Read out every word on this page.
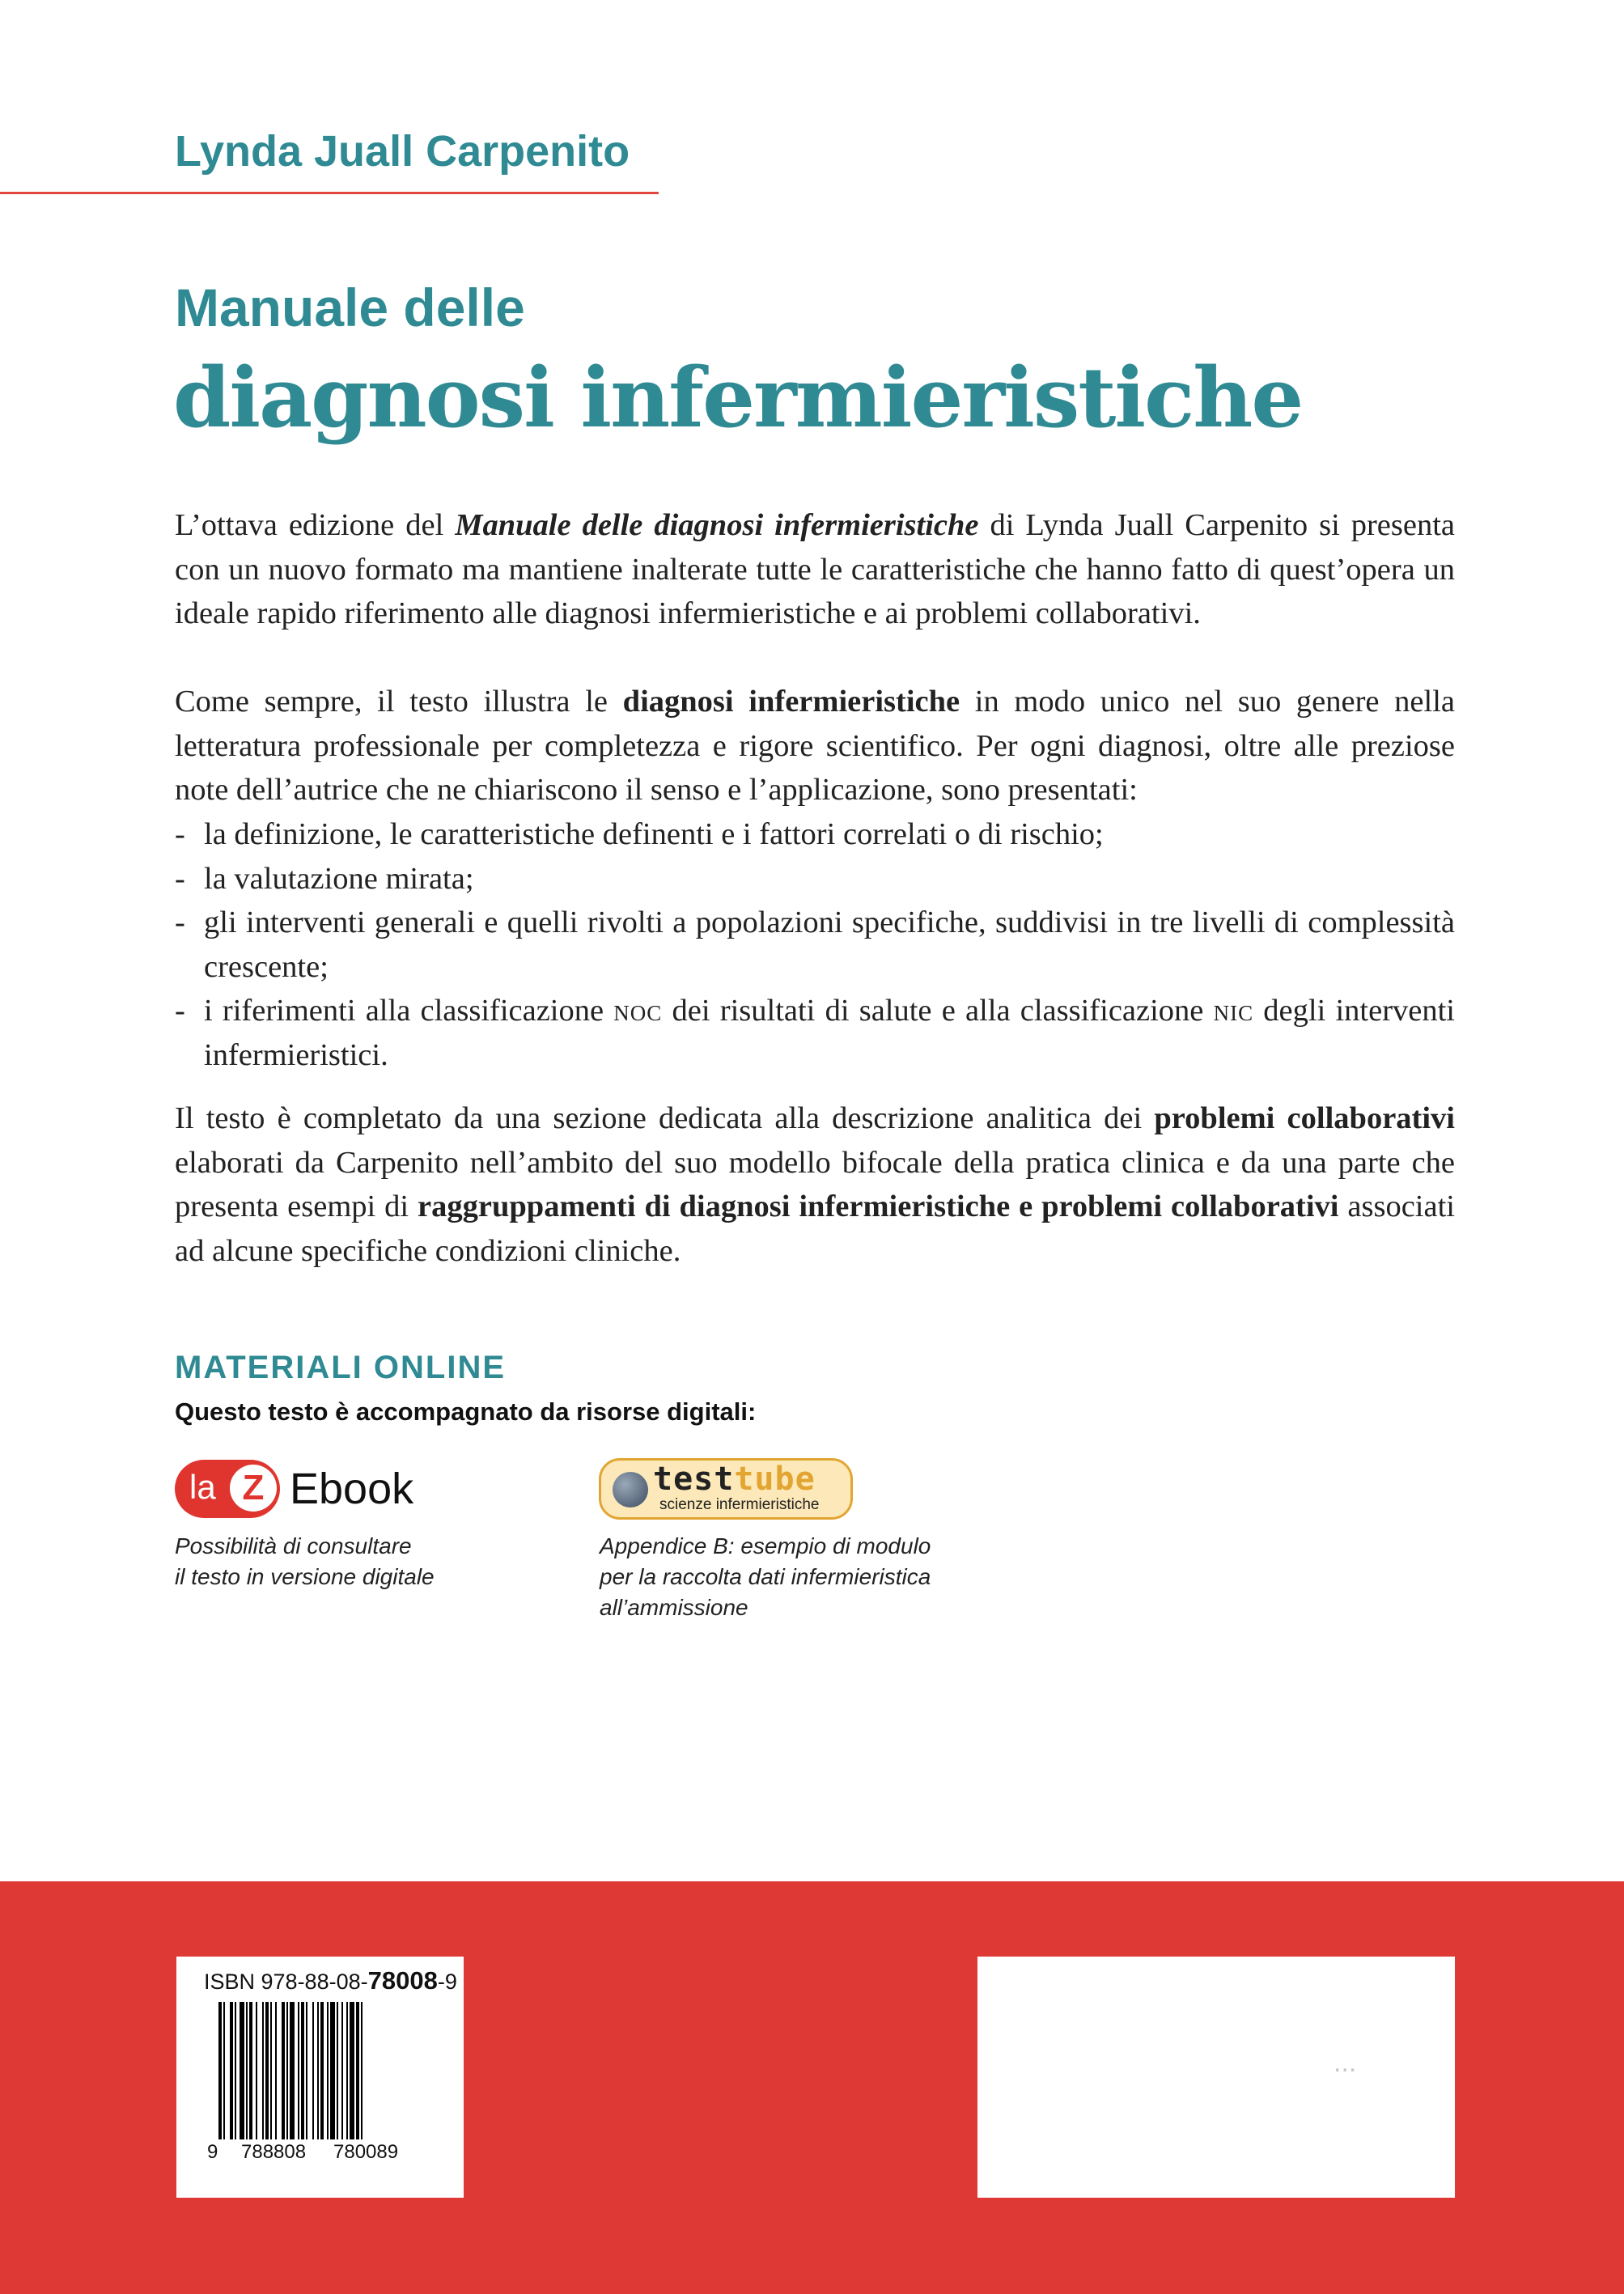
Lynda Juall Carpenito
Manuale delle
diagnosi infermieristiche

L’ottava edizione del Manuale delle diagnosi infermieristiche di Lynda Juall Carpenito si presenta con un nuovo formato ma mantiene inalterate tutte le caratteristiche che hanno fatto di quest’opera un ideale rapido riferimento alle diagnosi infermieristiche e ai problemi collaborativi.

Come sempre, il testo illustra le diagnosi infermieristiche in modo unico nel suo genere nella letteratura professionale per completezza e rigore scientifico. Per ogni diagnosi, oltre alle preziose note dell’autrice che ne chiariscono il senso e l’applicazione, sono presentati:

- la definizione, le caratteristiche definenti e i fattori correlati o di rischio;
- la valutazione mirata;
- gli interventi generali e quelli rivolti a popolazioni specifiche, suddivisi in tre livelli di complessità crescente;
- i riferimenti alla classificazione noc dei risultati di salute e alla classificazione nic degli interventi infermieristici.

Il testo è completato da una sezione dedicata alla descrizione analitica dei problemi collaborativi elaborati da Carpenito nell’ambito del suo modello bifocale della pratica clinica e da una parte che presenta esempi di raggruppamenti di diagnosi infermieristiche e problemi collaborativi associati ad alcune specifiche condizioni cliniche.

MATERIALI ONLINE
Questo testo è accompagnato da risorse digitali:
la Z Ebook	testtube
scienze infermieristiche
Possibilità di consultare
il testo in versione digitale
Appendice B: esempio di modulo
per la raccolta dati infermieristica
all’ammissione
ISBN 978-88-08-78008-9
9 788808 780089
...
